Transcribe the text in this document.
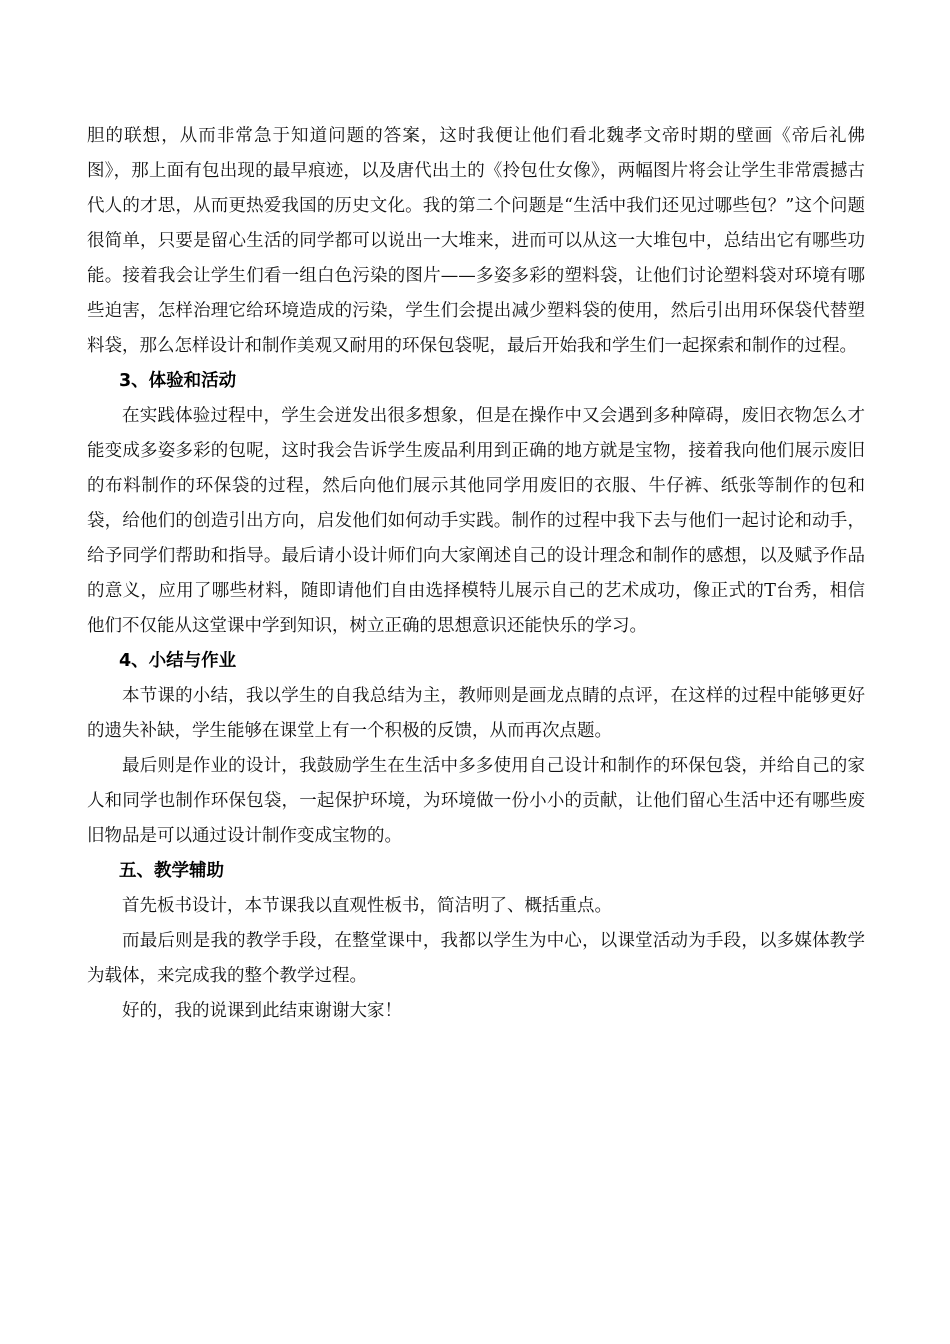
胆的联想，从而非常急于知道问题的答案，这时我便让他们看北魏孝文帝时期的壁画《帝后礼佛图》，那上面有包出现的最早痕迹，以及唐代出土的《拎包仕女像》，两幅图片将会让学生非常震撼古代人的才思，从而更热爱我国的历史文化。我的第二个问题是“生活中我们还见过哪些包？”这个问题很简单，只要是留心生活的同学都可以说出一大堆来，进而可以从这一大堆包中，总结出它有哪些功能。接着我会让学生们看一组白色污染的图片——多姿多彩的塑料袋，让他们讨论塑料袋对环境有哪些迫害，怎样治理它给环境造成的污染，学生们会提出减少塑料袋的使用，然后引出用环保袋代替塑料袋，那么怎样设计和制作美观又耐用的环保包袋呢，最后开始我和学生们一起探索和制作的过程。

3、体验和活动

在实践体验过程中，学生会迸发出很多想象，但是在操作中又会遇到多种障碍，废旧衣物怎么才能变成多姿多彩的包呢，这时我会告诉学生废品利用到正确的地方就是宝物，接着我向他们展示废旧的布料制作的环保袋的过程，然后向他们展示其他同学用废旧的衣服、牛仔裤、纸张等制作的包和袋，给他们的创造引出方向，启发他们如何动手实践。制作的过程中我下去与他们一起讨论和动手，给予同学们帮助和指导。最后请小设计师们向大家阐述自己的设计理念和制作的感想，以及赋予作品的意义，应用了哪些材料，随即请他们自由选择模特儿展示自己的艺术成功，像正式的T台秀，相信他们不仅能从这堂课中学到知识，树立正确的思想意识还能快乐的学习。

4、小结与作业

本节课的小结，我以学生的自我总结为主，教师则是画龙点睛的点评，在这样的过程中能够更好的遗失补缺，学生能够在课堂上有一个积极的反馈，从而再次点题。

最后则是作业的设计，我鼓励学生在生活中多多使用自己设计和制作的环保包袋，并给自己的家人和同学也制作环保包袋，一起保护环境，为环境做一份小小的贡献，让他们留心生活中还有哪些废旧物品是可以通过设计制作变成宝物的。

五、教学辅助

首先板书设计，本节课我以直观性板书，简洁明了、概括重点。

而最后则是我的教学手段，在整堂课中，我都以学生为中心，以课堂活动为手段，以多媒体教学为载体，来完成我的整个教学过程。

好的，我的说课到此结束谢谢大家！
